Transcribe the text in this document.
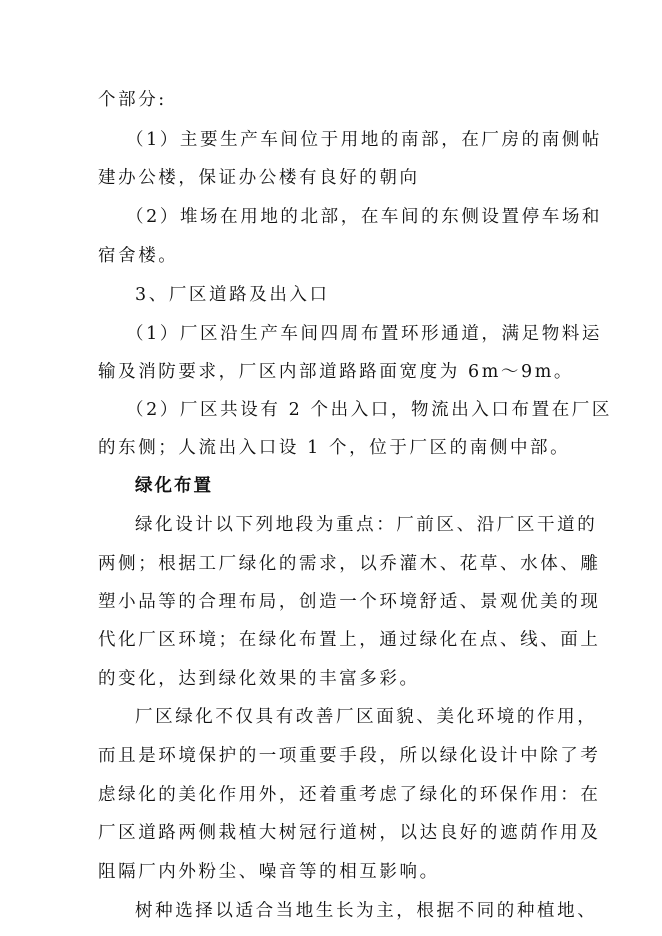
个部分:
（1）主要生产车间位于用地的南部，在厂房的南侧帖
建办公楼，保证办公楼有良好的朝向
（2）堆场在用地的北部，在车间的东侧设置停车场和
宿舍楼。
3、厂区道路及出入口
（1）厂区沿生产车间四周布置环形通道，满足物料运
输及消防要求，厂区内部道路路面宽度为 6m～9m。
（2）厂区共设有 2 个出入口，物流出入口布置在厂区
的东侧；人流出入口设 1 个，位于厂区的南侧中部。
绿化布置
绿化设计以下列地段为重点：厂前区、沿厂区干道的
两侧；根据工厂绿化的需求，以乔灌木、花草、水体、雕
塑小品等的合理布局，创造一个环境舒适、景观优美的现
代化厂区环境；在绿化布置上，通过绿化在点、线、面上
的变化，达到绿化效果的丰富多彩。
厂区绿化不仅具有改善厂区面貌、美化环境的作用，
而且是环境保护的一项重要手段，所以绿化设计中除了考
虑绿化的美化作用外，还着重考虑了绿化的环保作用：在
厂区道路两侧栽植大树冠行道树，以达良好的遮荫作用及
阻隔厂内外粉尘、噪音等的相互影响。
树种选择以适合当地生长为主，根据不同的种植地、
